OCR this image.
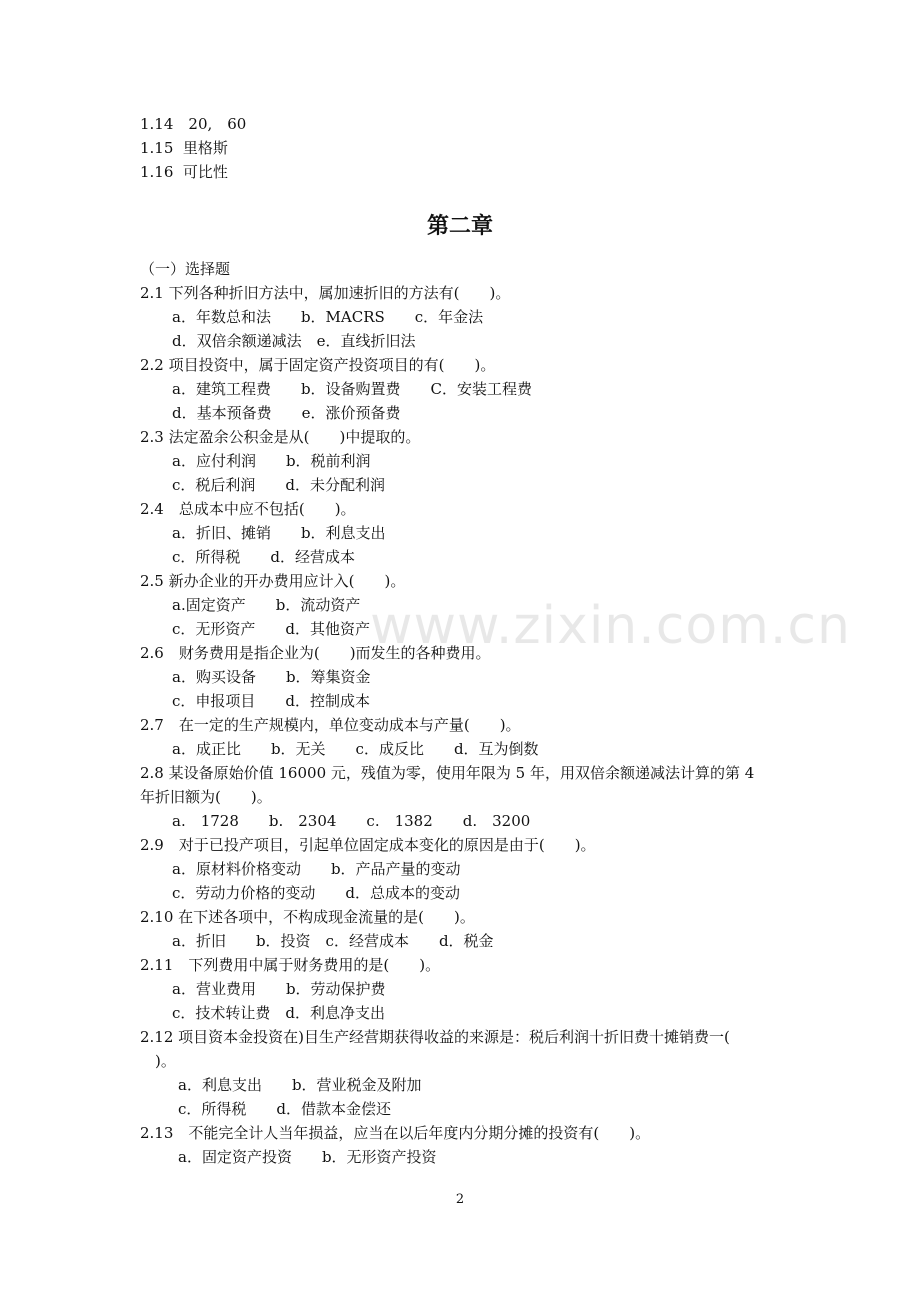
1.14　20,　60
1.15  里格斯
1.16  可比性
第二章
（一）选择题
2.1 下列各种折旧方法中，属加速折旧的方法有(　　)。
a．年数总和法　　b．MACRS　　c．年金法
d．双倍余额递减法　e．直线折旧法
2.2 项目投资中，属于固定资产投资项目的有(　　)。
a．建筑工程费　　b．设备购置费　　C．安装工程费
d．基本预备费　　e．涨价预备费
2.3 法定盈余公积金是从(　　)中提取的。
a．应付利润　　b．税前利润
c．税后利润　　d．未分配利润
2.4　总成本中应不包括(　　)。
a．折旧、摊销　　b．利息支出
c．所得税　　d．经营成本
2.5 新办企业的开办费用应计入(　　)。
a.固定资产　　b．流动资产
c．无形资产　　d．其他资产
2.6　财务费用是指企业为(　　)而发生的各种费用。
a．购买设备　　b．筹集资金
c．申报项目　　d．控制成本
2.7　在一定的生产规模内，单位变动成本与产量(　　)。
a．成正比　　b．无关　　c．成反比　　d．互为倒数
2.8 某设备原始价值 16000 元，残值为零，使用年限为 5 年，用双倍余额递减法计算的第 4
年折旧额为(　　)。
a.　1728　　b.　2304　　c.　1382　　d.　3200
2.9　对于已投产项目，引起单位固定成本变化的原因是由于(　　)。
a．原材料价格变动　　b．产品产量的变动
c．劳动力价格的变动　　d．总成本的变动
2.10 在下述各项中，不构成现金流量的是(　　)。
a．折旧　　b．投资　c．经营成本　　d．税金
2.11　下列费用中属于财务费用的是(　　)。
a．营业费用　　b．劳动保护费
c．技术转让费　d．利息净支出
2.12 项目资本金投资在)目生产经营期获得收益的来源是：税后利润十折旧费十摊销费一(
　)。
a．利息支出　　b．营业税金及附加
c．所得税　　d．借款本金偿还
2.13　不能完全计人当年损益，应当在以后年度内分期分摊的投资有(　　)。
a．固定资产投资　　b．无形资产投资
www.zixin.com.cn
2
